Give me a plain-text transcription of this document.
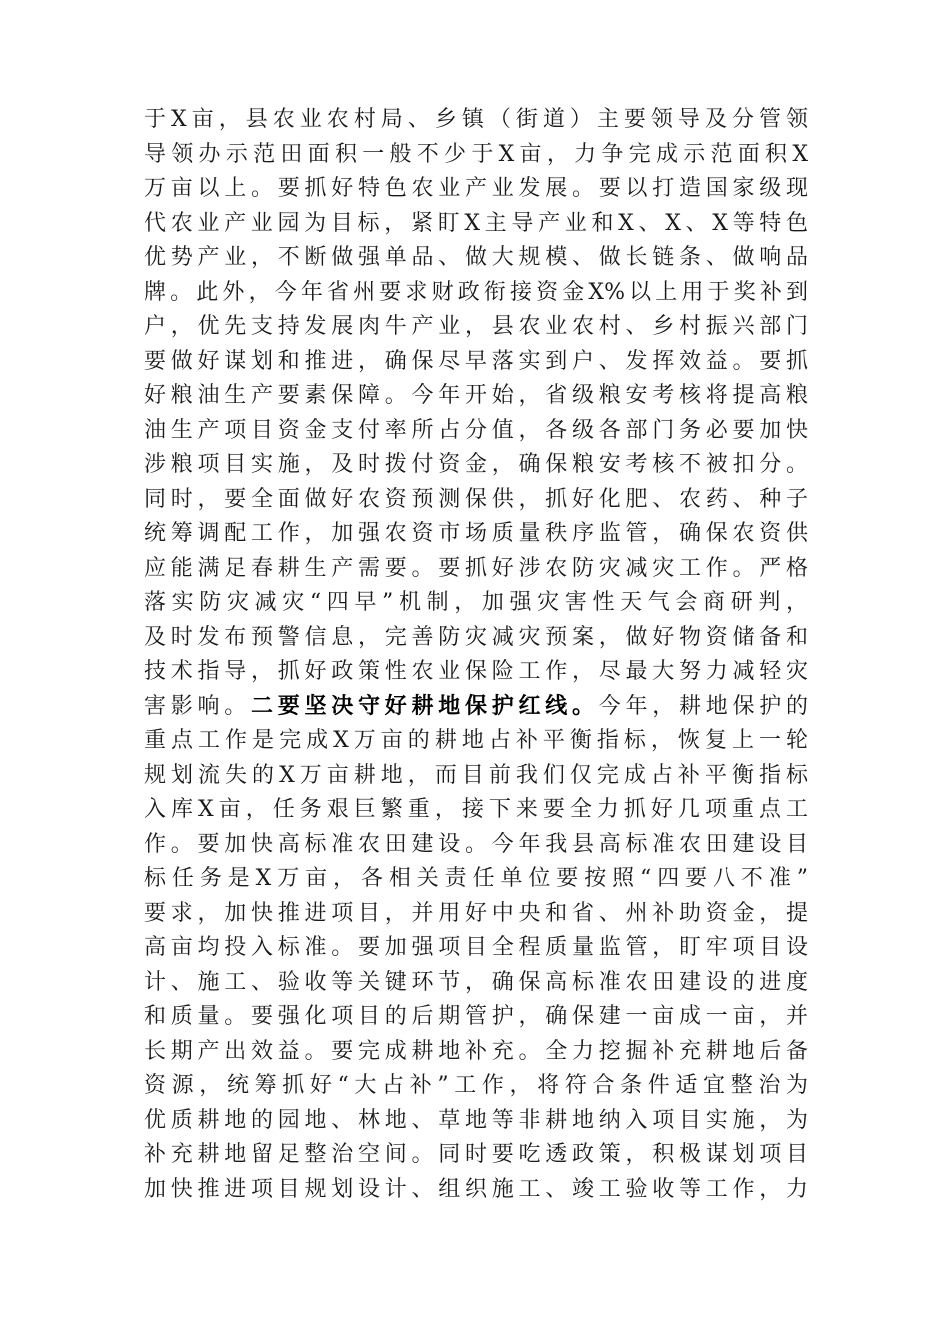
于X亩，县农业农村局、乡镇（街道）主要领导及分管领
导领办示范田面积一般不少于X亩，力争完成示范面积X
万亩以上。要抓好特色农业产业发展。要以打造国家级现
代农业产业园为目标，紧盯X主导产业和X、X、X等特色
优势产业，不断做强单品、做大规模、做长链条、做响品
牌。此外，今年省州要求财政衔接资金X%以上用于奖补到
户，优先支持发展肉牛产业，县农业农村、乡村振兴部门
要做好谋划和推进，确保尽早落实到户、发挥效益。要抓
好粮油生产要素保障。今年开始，省级粮安考核将提高粮
油生产项目资金支付率所占分值，各级各部门务必要加快
涉粮项目实施，及时拨付资金，确保粮安考核不被扣分。
同时，要全面做好农资预测保供，抓好化肥、农药、种子
统筹调配工作，加强农资市场质量秩序监管，确保农资供
应能满足春耕生产需要。要抓好涉农防灾减灾工作。严格
落实防灾减灾“四早”机制，加强灾害性天气会商研判，
及时发布预警信息，完善防灾减灾预案，做好物资储备和
技术指导，抓好政策性农业保险工作，尽最大努力减轻灾
害影响。二要坚决守好耕地保护红线。今年，耕地保护的
重点工作是完成X万亩的耕地占补平衡指标，恢复上一轮
规划流失的X万亩耕地，而目前我们仅完成占补平衡指标
入库X亩，任务艰巨繁重，接下来要全力抓好几项重点工
作。要加快高标准农田建设。今年我县高标准农田建设目
标任务是X万亩，各相关责任单位要按照“四要八不准”
要求，加快推进项目，并用好中央和省、州补助资金，提
高亩均投入标准。要加强项目全程质量监管，盯牢项目设
计、施工、验收等关键环节，确保高标准农田建设的进度
和质量。要强化项目的后期管护，确保建一亩成一亩，并
长期产出效益。要完成耕地补充。全力挖掘补充耕地后备
资源，统筹抓好“大占补”工作，将符合条件适宜整治为
优质耕地的园地、林地、草地等非耕地纳入项目实施，为
补充耕地留足整治空间。同时要吃透政策，积极谋划项目
加快推进项目规划设计、组织施工、竣工验收等工作，力
